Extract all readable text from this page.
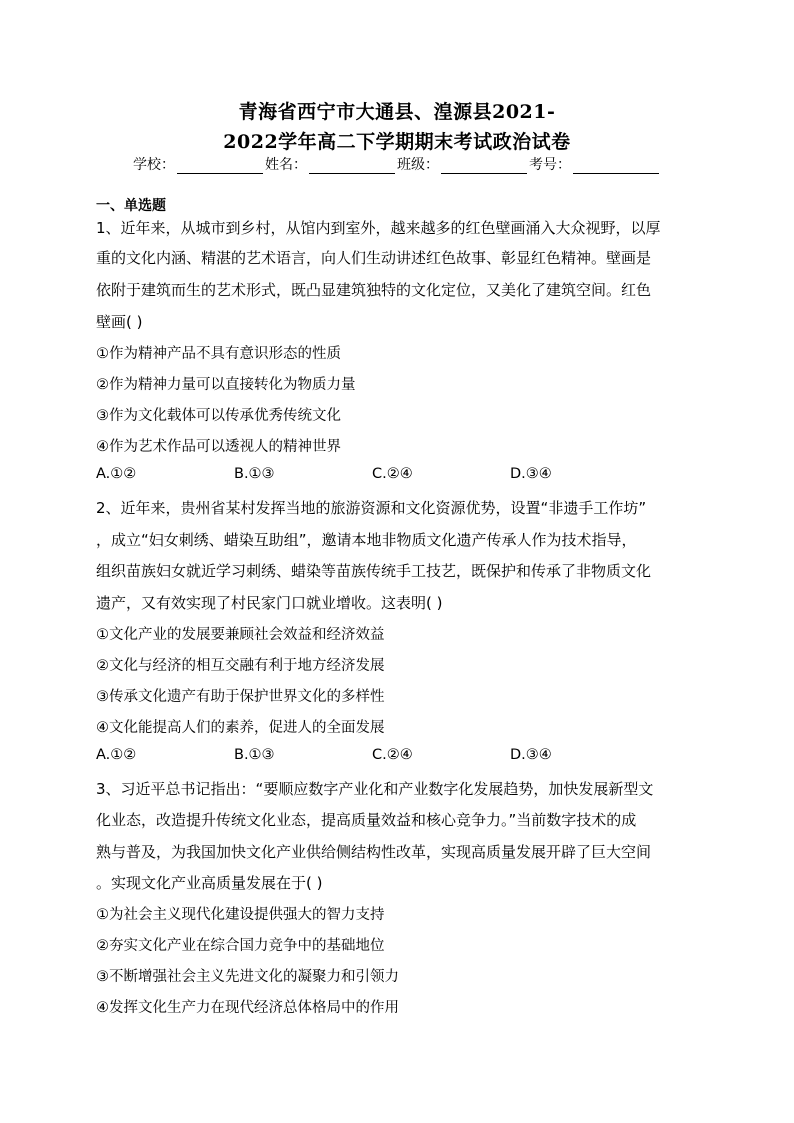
青海省西宁市大通县、湟源县2021-
2022学年高二下学期期末考试政治试卷
学校：	姓名：	班级：	考号：
一、单选题
1、近年来，从城市到乡村，从馆内到室外，越来越多的红色壁画涌入大众视野，以厚
重的文化内涵、精湛的艺术语言，向人们生动讲述红色故事、彰显红色精神。壁画是
依附于建筑而生的艺术形式，既凸显建筑独特的文化定位，又美化了建筑空间。红色
壁画( )
①作为精神产品不具有意识形态的性质
②作为精神力量可以直接转化为物质力量
③作为文化载体可以传承优秀传统文化
④作为艺术作品可以透视人的精神世界
A.①②	B.①③	C.②④	D.③④
2、近年来，贵州省某村发挥当地的旅游资源和文化资源优势，设置“非遗手工作坊”
，成立“妇女刺绣、蜡染互助组”，邀请本地非物质文化遗产传承人作为技术指导，
组织苗族妇女就近学习刺绣、蜡染等苗族传统手工技艺，既保护和传承了非物质文化
遗产，又有效实现了村民家门口就业增收。这表明( )
①文化产业的发展要兼顾社会效益和经济效益
②文化与经济的相互交融有利于地方经济发展
③传承文化遗产有助于保护世界文化的多样性
④文化能提高人们的素养，促进人的全面发展
A.①②	B.①③	C.②④	D.③④
3、习近平总书记指出：“要顺应数字产业化和产业数字化发展趋势，加快发展新型文
化业态，改造提升传统文化业态，提高质量效益和核心竞争力。”当前数字技术的成
熟与普及，为我国加快文化产业供给侧结构性改革，实现高质量发展开辟了巨大空间
。实现文化产业高质量发展在于( )
①为社会主义现代化建设提供强大的智力支持
②夯实文化产业在综合国力竞争中的基础地位
③不断增强社会主义先进文化的凝聚力和引领力
④发挥文化生产力在现代经济总体格局中的作用
